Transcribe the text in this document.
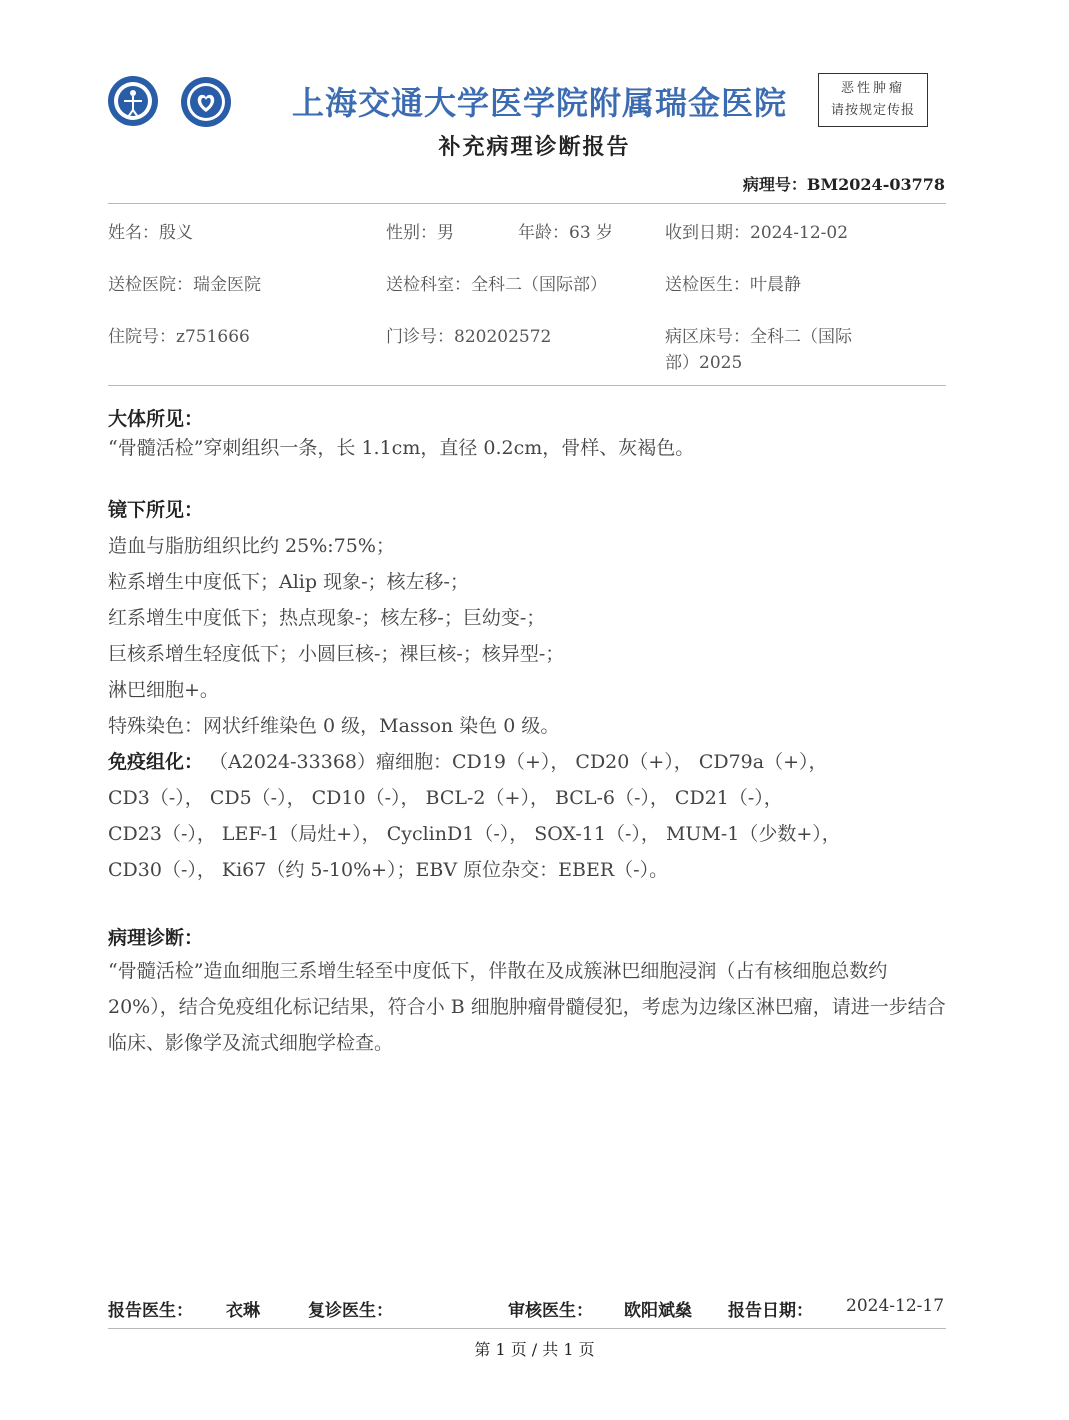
上海交通大学医学院附属瑞金医院	恶性肿瘤
请按规定传报
补充病理诊断报告
病理号：BM2024-03778
姓名：殷义	性别：男	年龄：63 岁	收到日期：2024-12-02
送检医院：瑞金医院	送检科室：全科二（国际部）	送检医生：叶晨静
住院号：z751666	门诊号：820202572	病区床号：全科二（国际
部）2025
大体所见：
“骨髓活检”穿刺组织一条，长 1.1cm，直径 0.2cm，骨样、灰褐色。
镜下所见：
造血与脂肪组织比约 25%:75%；
粒系增生中度低下；Alip 现象-；核左移-；
红系增生中度低下；热点现象-；核左移-；巨幼变-；
巨核系增生轻度低下；小圆巨核-；裸巨核-；核异型-；
淋巴细胞+。
特殊染色：网状纤维染色 0 级，Masson 染色 0 级。
免疫组化： （A2024-33368）瘤细胞：CD19（+）， CD20（+）， CD79a（+），
CD3（-）， CD5（-）， CD10（-）， BCL-2（+）， BCL-6（-）， CD21（-），
CD23（-）， LEF-1（局灶+）， CyclinD1（-）， SOX-11（-）， MUM-1（少数+），
CD30（-）， Ki67（约 5-10%+）；EBV 原位杂交：EBER（-）。
病理诊断：
“骨髓活检”造血细胞三系增生轻至中度低下，伴散在及成簇淋巴细胞浸润（占有核细胞总数约 20%），结合免疫组化标记结果，符合小 B 细胞肿瘤骨髓侵犯，考虑为边缘区淋巴瘤，请进一步结合临床、影像学及流式细胞学检查。
报告医生： 衣琳	复诊医生：	审核医生： 欧阳斌燊 报告日期： 2024-12-17
第 1 页 / 共 1 页
